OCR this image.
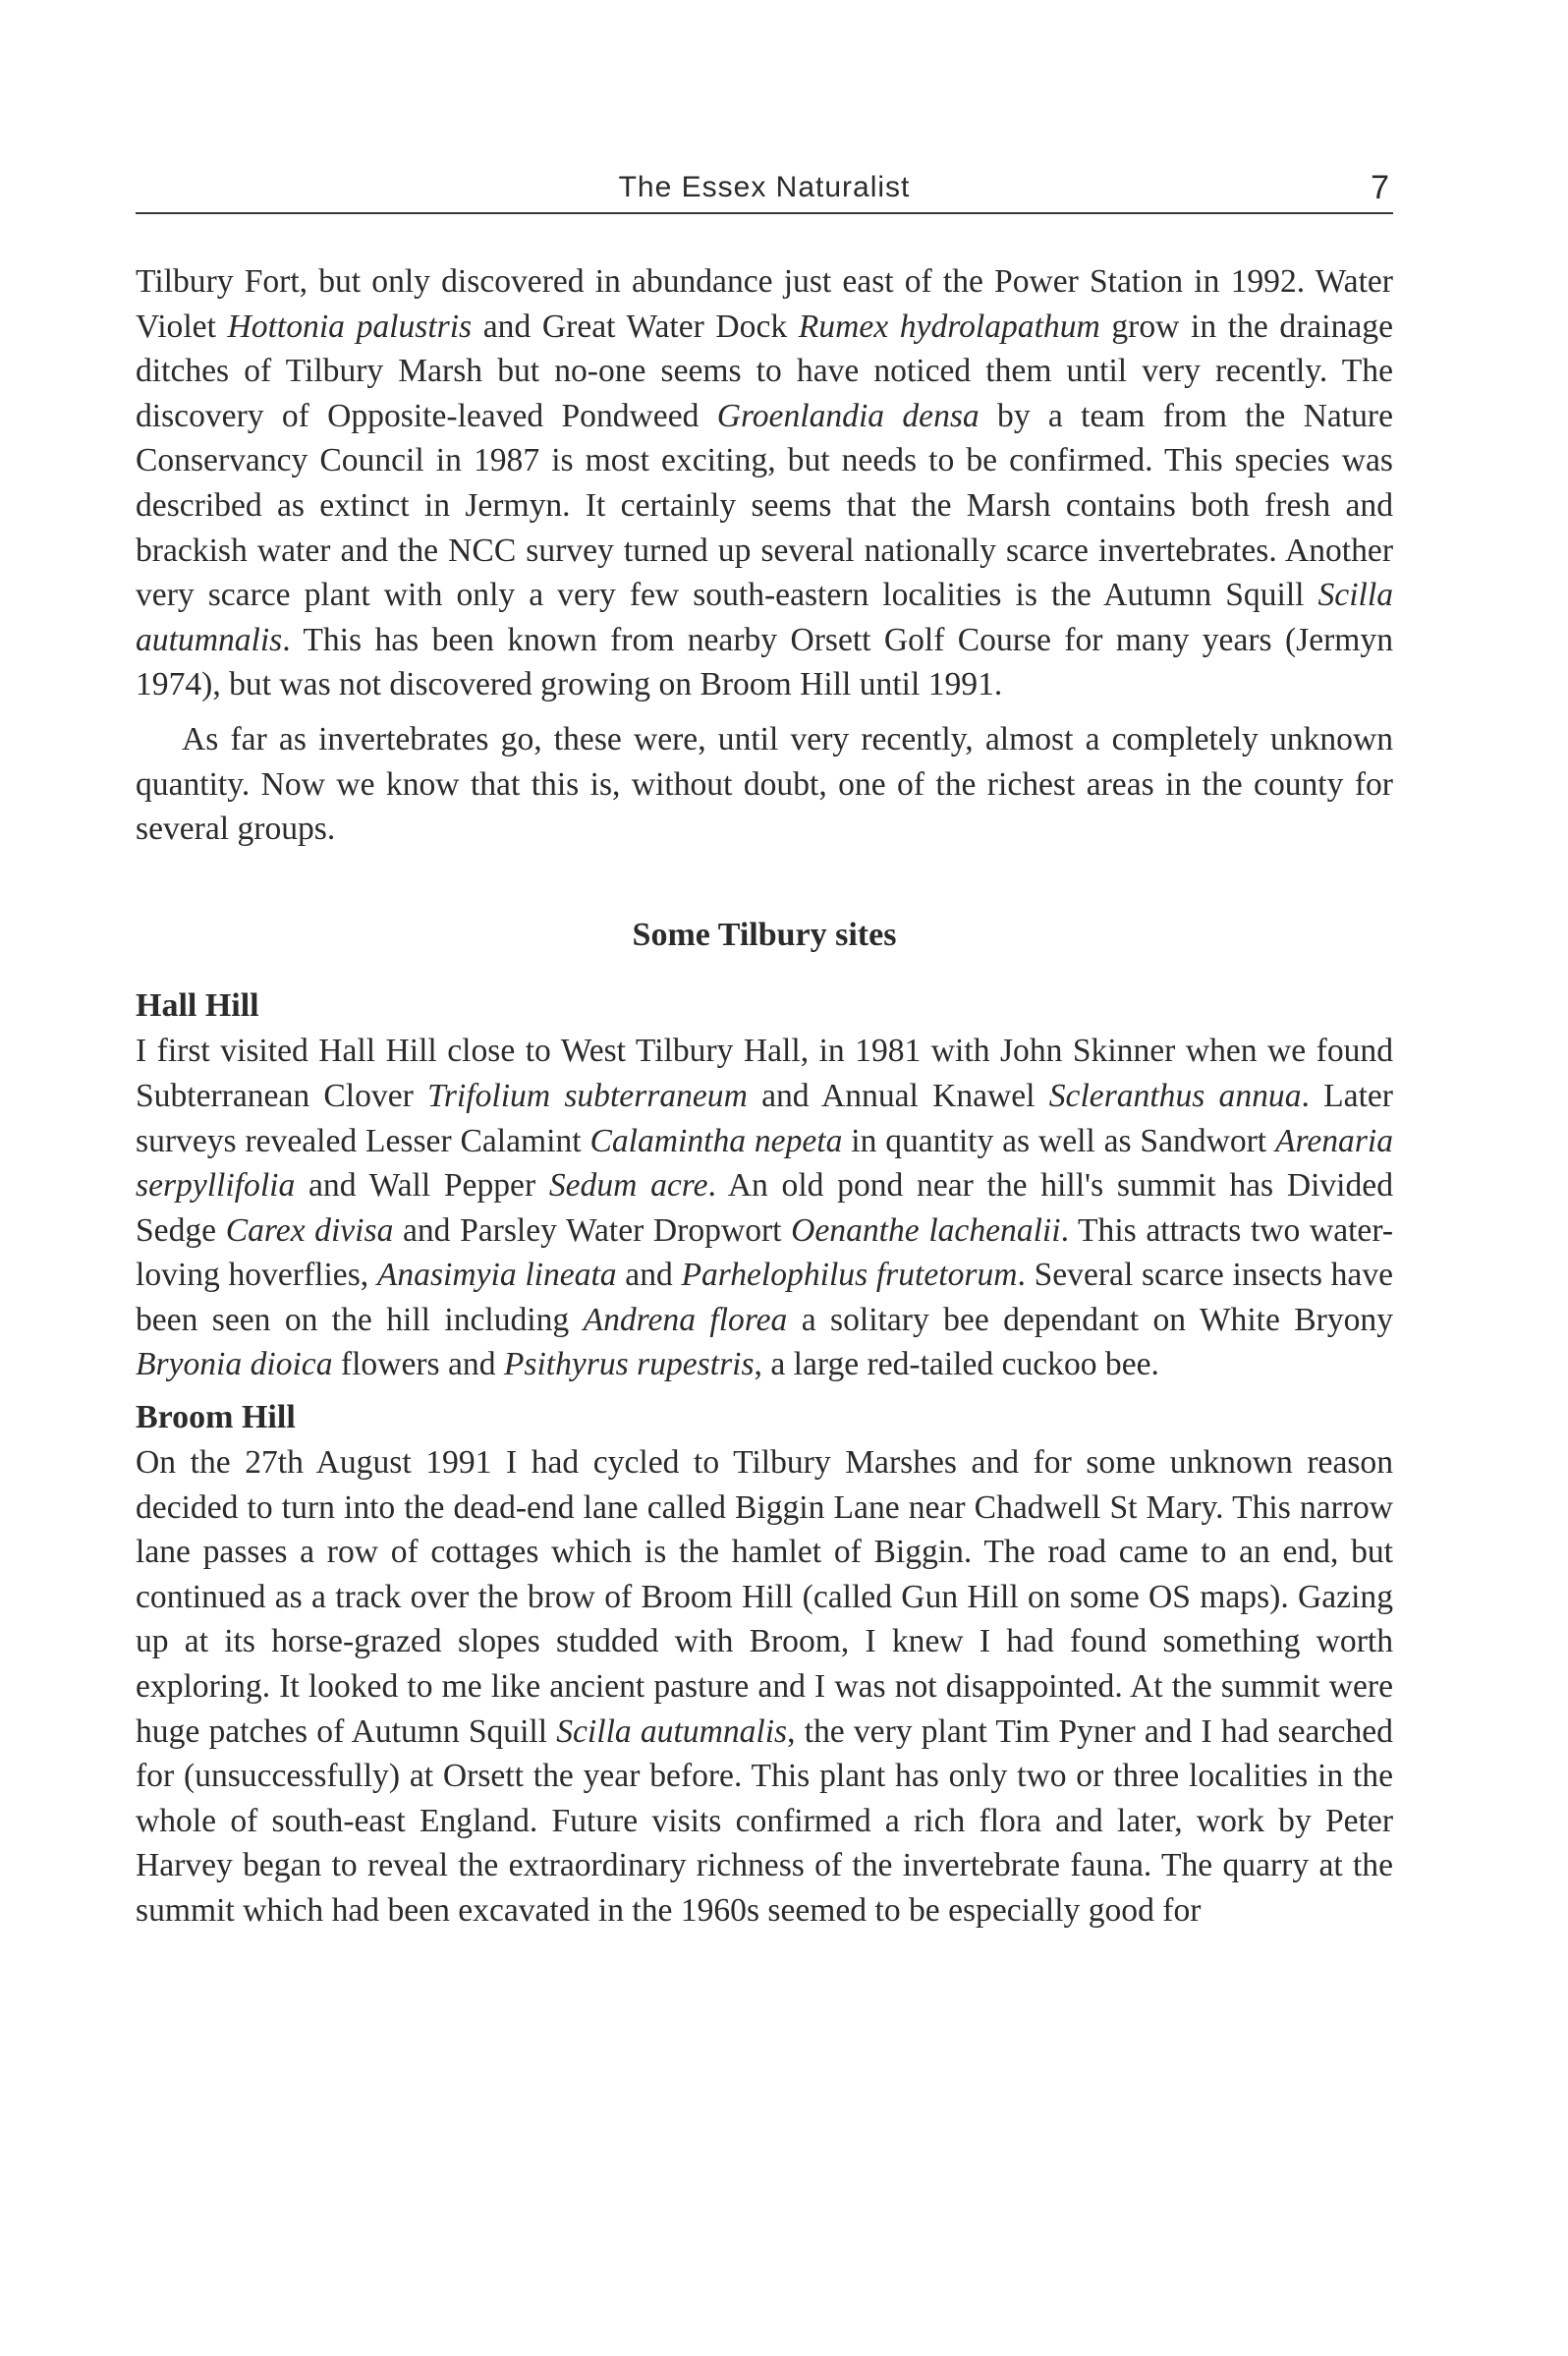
The Essex Naturalist	7

Tilbury Fort, but only discovered in abundance just east of the Power Station in 1992. Water Violet Hottonia palustris and Great Water Dock Rumex hydrolapathum grow in the drainage ditches of Tilbury Marsh but no-one seems to have noticed them until very recently. The discovery of Opposite-leaved Pondweed Groenlandia densa by a team from the Nature Conservancy Council in 1987 is most exciting, but needs to be confirmed. This species was described as extinct in Jermyn. It certainly seems that the Marsh contains both fresh and brackish water and the NCC survey turned up several nationally scarce invertebrates. Another very scarce plant with only a very few south-eastern localities is the Autumn Squill Scilla autumnalis. This has been known from nearby Orsett Golf Course for many years (Jermyn 1974), but was not discovered growing on Broom Hill until 1991.

As far as invertebrates go, these were, until very recently, almost a completely unknown quantity. Now we know that this is, without doubt, one of the richest areas in the county for several groups.

Some Tilbury sites
Hall Hill

I first visited Hall Hill close to West Tilbury Hall, in 1981 with John Skinner when we found Subterranean Clover Trifolium subterraneum and Annual Knawel Scleranthus annua. Later surveys revealed Lesser Calamint Calamintha nepeta in quantity as well as Sandwort Arenaria serpyllifolia and Wall Pepper Sedum acre. An old pond near the hill's summit has Divided Sedge Carex divisa and Parsley Water Dropwort Oenanthe lachenalii. This attracts two water-loving hoverflies, Anasimyia lineata and Parhelophilus frutetorum. Several scarce insects have been seen on the hill including Andrena florea a solitary bee dependant on White Bryony Bryonia dioica flowers and Psithyrus rupestris, a large red-tailed cuckoo bee.

Broom Hill

On the 27th August 1991 I had cycled to Tilbury Marshes and for some unknown reason decided to turn into the dead-end lane called Biggin Lane near Chadwell St Mary. This narrow lane passes a row of cottages which is the hamlet of Biggin. The road came to an end, but continued as a track over the brow of Broom Hill (called Gun Hill on some OS maps). Gazing up at its horse-grazed slopes studded with Broom, I knew I had found something worth exploring. It looked to me like ancient pasture and I was not disappointed. At the summit were huge patches of Autumn Squill Scilla autumnalis, the very plant Tim Pyner and I had searched for (unsuccessfully) at Orsett the year before. This plant has only two or three localities in the whole of south-east England. Future visits confirmed a rich flora and later, work by Peter Harvey began to reveal the extraordinary richness of the invertebrate fauna. The quarry at the summit which had been excavated in the 1960s seemed to be especially good for
